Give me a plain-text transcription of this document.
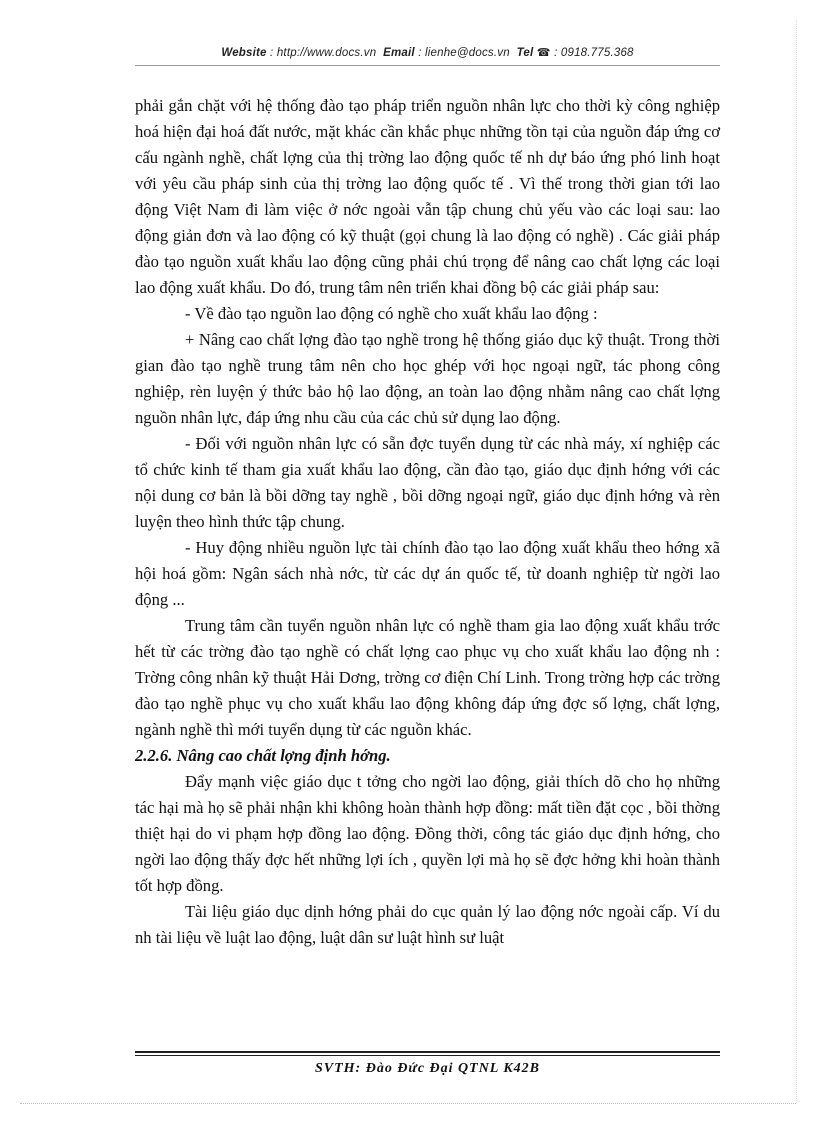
Website : http://www.docs.vn Email : lienhe@docs.vn Tel ☎ : 0918.775.368

phải gắn chặt với hệ thống đào tạo pháp triển nguồn nhân lực cho thời kỳ công nghiệp hoá hiện đại hoá đất nước, mặt khác cần khắc phục những tồn tại của nguồn đáp ứng cơ cấu ngành nghề, chất lợng của thị trờng lao động quốc tế nh dự báo ứng phó linh hoạt với yêu cầu pháp sinh của thị trờng lao động quốc tế . Vì thế trong thời gian tới lao động Việt Nam đi làm việc ở nớc ngoài vẫn tập chung chủ yếu vào các loại sau: lao động giản đơn và lao động có kỹ thuật (gọi chung là lao động có nghề) . Các giải pháp đào tạo nguồn xuất khẩu lao động cũng phải chú trọng để nâng cao chất lợng các loại lao động xuất khẩu. Do đó, trung tâm nên triển khai đồng bộ các giải pháp sau:

- Về đào tạo nguồn lao động có nghề cho xuất khẩu lao động :

+ Nâng cao chất lợng đào tạo nghề trong hệ thống giáo dục kỹ thuật. Trong thời gian đào tạo nghề trung tâm nên cho học ghép với học ngoại ngữ, tác phong công nghiệp, rèn luyện ý thức bảo hộ lao động, an toàn lao động nhằm nâng cao chất lợng nguồn nhân lực, đáp ứng nhu cầu của các chủ sử dụng lao động.

- Đối với nguồn nhân lực có sẵn đợc tuyển dụng từ các nhà máy, xí nghiệp các tổ chức kinh tế tham gia xuất khẩu lao động, cần đào tạo, giáo dục định hớng với các nội dung cơ bản là bồi dỡng tay nghề , bồi dỡng ngoại ngữ, giáo dục định hớng và rèn luyện theo hình thức tập chung.

- Huy động nhiều nguồn lực tài chính đào tạo lao động xuất khẩu theo hớng xã hội hoá gồm: Ngân sách nhà nớc, từ các dự án quốc tế, từ doanh nghiệp từ ngời lao động ...

Trung tâm cần tuyển nguồn nhân lực có nghề tham gia lao động xuất khẩu trớc hết từ các trờng đào tạo nghề có chất lợng cao phục vụ cho xuất khẩu lao động nh : Trờng công nhân kỹ thuật Hải Dơng, trờng cơ điện Chí Linh. Trong trờng hợp các trờng đào tạo nghề phục vụ cho xuất khẩu lao động không đáp ứng đợc số lợng, chất lợng, ngành nghề thì mới tuyển dụng từ các nguồn khác.

2.2.6. Nâng cao chất lợng định hớng.

Đẩy mạnh việc giáo dục t tởng cho ngời lao động, giải thích dõ cho họ những tác hại mà họ sẽ phải nhận khi không hoàn thành hợp đồng: mất tiền đặt cọc , bồi thờng thiệt hại do vi phạm hợp đồng lao động. Đồng thời, công tác giáo dục định hớng, cho ngời lao động thấy đợc hết những lợi ích , quyền lợi mà họ sẽ đợc hởng khi hoàn thành tốt hợp đồng.

Tài liệu giáo dục dịnh hớng phải do cục quản lý lao động nớc ngoài cấp. Ví du nh tài liệu về luật lao động, luật dân sư luật hình sư luật

SVTH: Đào Đức Đại QTNL K42B
